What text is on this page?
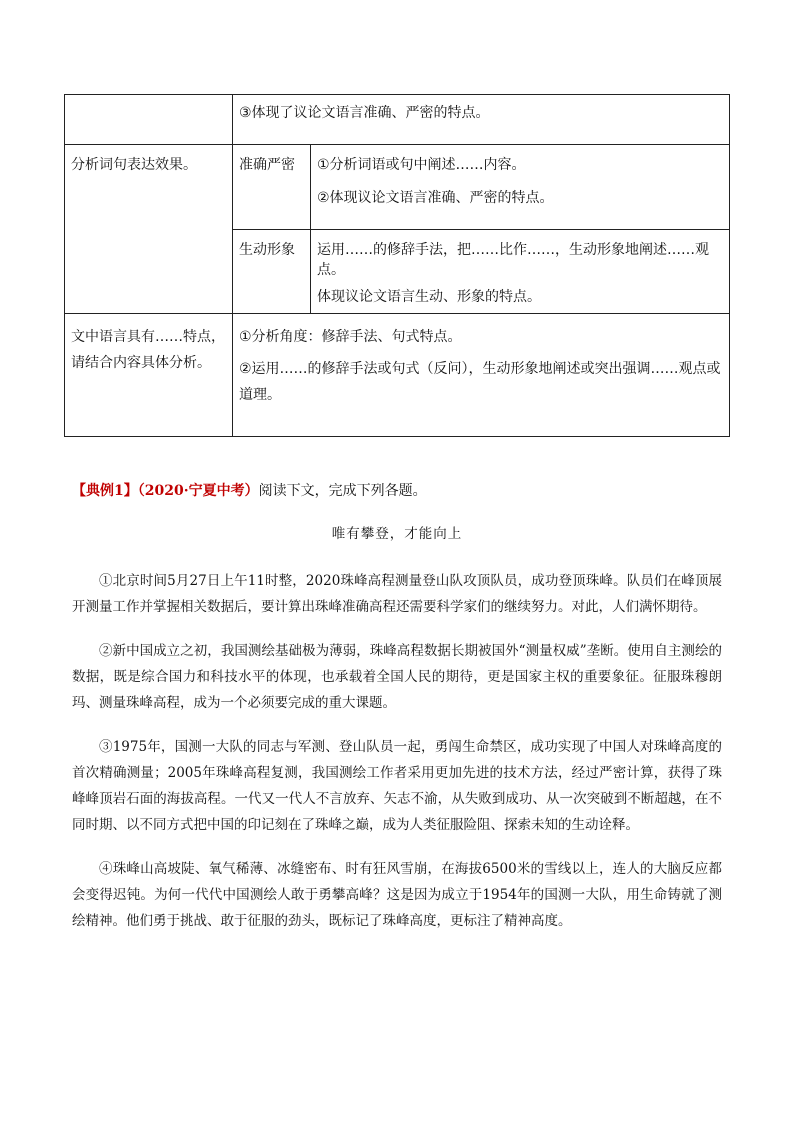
	③体现了议论文语言准确、严密的特点。	

分析词句表达效果。	准确严密	①分析词语或句中阐述……内容。

②体现议论文语言准确、严密的特点。

	生动形象	运用……的修辞手法，把……比作……，生动形象地阐述……观点。

体现议论文语言生动、形象的特点。

文中语言具有……特点，请结合内容具体分析。	①分析角度：修辞手法、句式特点。

②运用……的修辞手法或句式（反问），生动形象地阐述或突出强调……观点或道理。	

【典例1】（2020·宁夏中考）阅读下文，完成下列各题。
唯有攀登，才能向上

①北京时间5月27日上午11时整，2020珠峰高程测量登山队攻顶队员，成功登顶珠峰。队员们在峰顶展开测量工作并掌握相关数据后，要计算出珠峰准确高程还需要科学家们的继续努力。对此，人们满怀期待。

②新中国成立之初，我国测绘基础极为薄弱，珠峰高程数据长期被国外“测量权威”垄断。使用自主测绘的数据，既是综合国力和科技水平的体现，也承载着全国人民的期待，更是国家主权的重要象征。征服珠穆朗玛、测量珠峰高程，成为一个必须要完成的重大课题。

③1975年，国测一大队的同志与军测、登山队员一起，勇闯生命禁区，成功实现了中国人对珠峰高度的首次精确测量；2005年珠峰高程复测，我国测绘工作者采用更加先进的技术方法，经过严密计算，获得了珠峰峰顶岩石面的海拔高程。一代又一代人不言放弃、矢志不渝，从失败到成功、从一次突破到不断超越，在不同时期、以不同方式把中国的印记刻在了珠峰之巅，成为人类征服险阻、探索未知的生动诠释。

④珠峰山高坡陡、氧气稀薄、冰缝密布、时有狂风雪崩，在海拔6500米的雪线以上，连人的大脑反应都会变得迟钝。为何一代代中国测绘人敢于勇攀高峰？这是因为成立于1954年的国测一大队，用生命铸就了测绘精神。他们勇于挑战、敢于征服的劲头，既标记了珠峰高度，更标注了精神高度。
